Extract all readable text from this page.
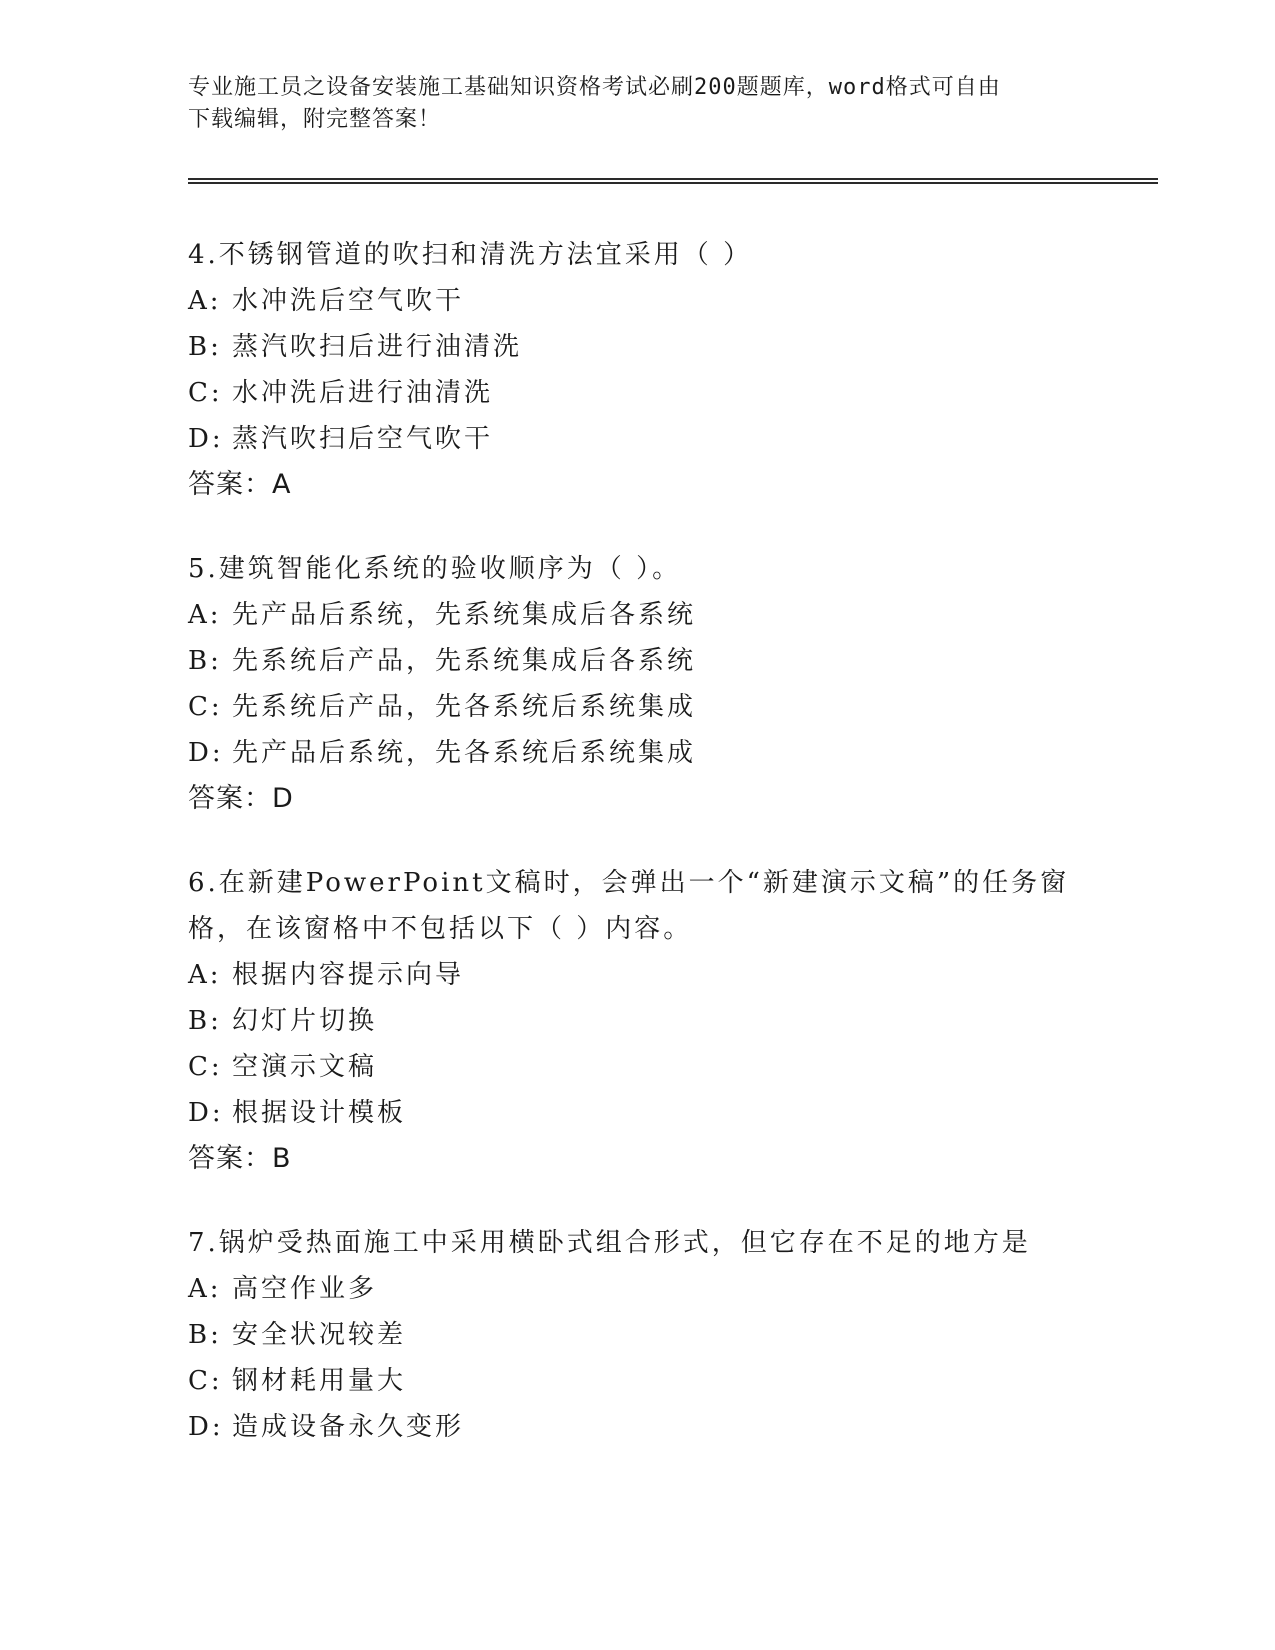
专业施工员之设备安装施工基础知识资格考试必刷200题题库，word格式可自由
下载编辑，附完整答案！
4.不锈钢管道的吹扫和清洗方法宜采用（ ）
A: 水冲洗后空气吹干
B: 蒸汽吹扫后进行油清洗
C: 水冲洗后进行油清洗
D: 蒸汽吹扫后空气吹干
答案：A
5.建筑智能化系统的验收顺序为（ ）。
A: 先产品后系统，先系统集成后各系统
B: 先系统后产品，先系统集成后各系统
C: 先系统后产品，先各系统后系统集成
D: 先产品后系统，先各系统后系统集成
答案：D
6.在新建PowerPoint文稿时，会弹出一个“新建演示文稿”的任务窗格，在该窗格中不包括以下（ ）内容。
A: 根据内容提示向导
B: 幻灯片切换
C: 空演示文稿
D: 根据设计模板
答案：B
7.锅炉受热面施工中采用横卧式组合形式，但它存在不足的地方是
A: 高空作业多
B: 安全状况较差
C: 钢材耗用量大
D: 造成设备永久变形
